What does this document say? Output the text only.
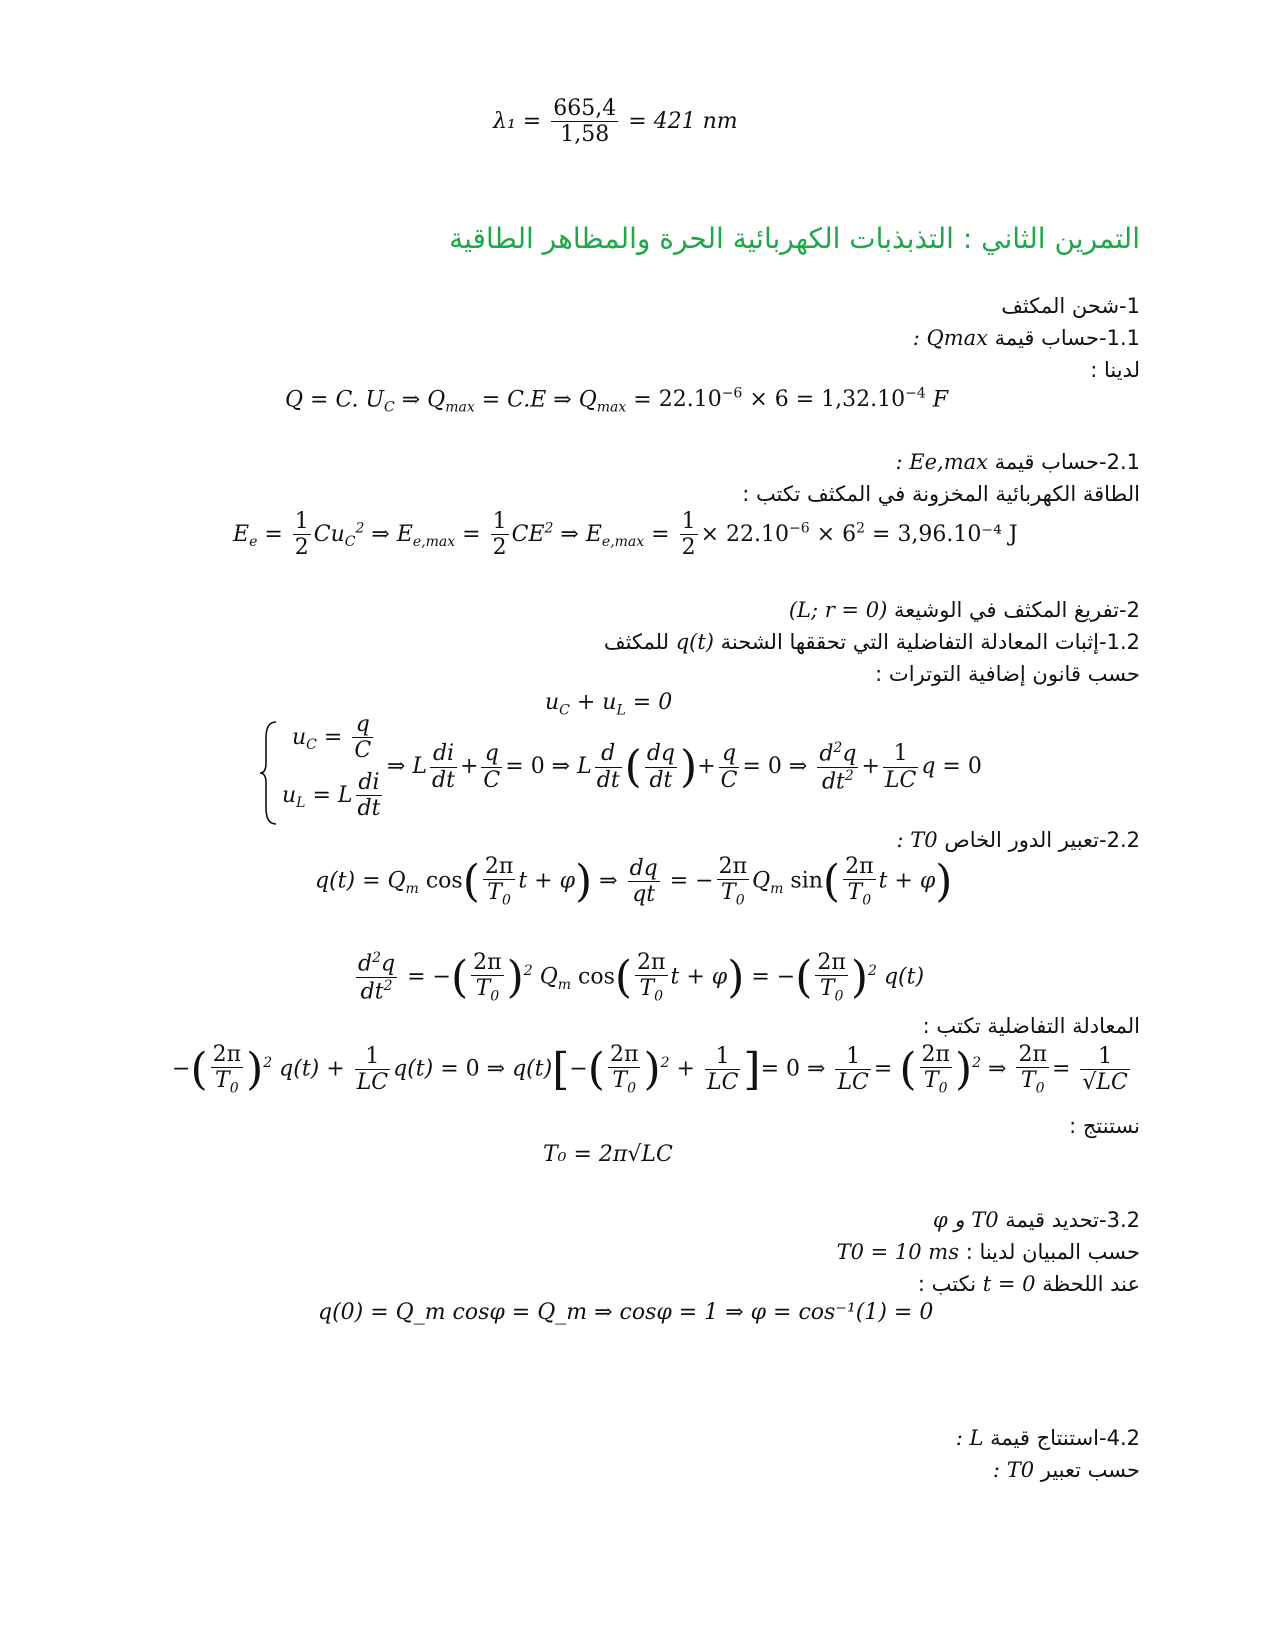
$\lambda_1 = \frac{665,4}{1,58} = 421$ nm
التمرين الثاني : التذبذبات الكهربائية الحرة والمظاهر الطاقية
1-شحن المكثف
1.1-حساب قيمة Qmax :
لدينا :
Q = C. $U_C$ ⇒ $Q_{max} = C.E$ ⇒ $Q_{max} = 22.10^{-6} \times 6 = 1,32.10^{-4}$ F
2.1-حساب قيمة Ee,max :
الطاقة الكهربائية المخزونة في المكثف تكتب :
$E_e = \frac{1}{2} Cu_C^2$ ⇒ $E_{e,max} = \frac{1}{2} CE^2$ ⇒ $E_{e,max} = \frac{1}{2} \times 22.10^{-6} \times 6^2 = 3,96.10^{-4}$ J
2-تفريغ المكثف في الوشيعة (L; r = 0)
1.2-إثبات المعادلة التفاضلية التي تحققها الشحنة q(t) للمكثف
حسب قانون إضافية التوترات :
$u_C + u_L = 0$
$u_C = \frac{q}{C}$
$u_L = L \frac{di}{dt}$
⇒ L $\frac{di}{dt} + \frac{q}{C} = 0$ ⇒ L $\frac{d}{dt}$ ( $\frac{dq}{dt}$ )+ $\frac{q}{C} = 0$ ⇒ $\frac{d^2q}{dt^2} + \frac{1}{LC}$ q = 0
2.2-تعبير الدور الخاص T0 :
$q(t) = Q_m$ $\cos( \frac{2\pi}{T_0}$ t + φ) ⇒ $\frac{dq}{qt}$ = − $\frac{2\pi}{T_0} Q_m$ $\sin( \frac{2\pi}{T_0}$ t + φ)
$\frac{d^2q}{dt^2}$ = −( $\frac{2\pi}{T_0} )^2$ $Q_m$ $\cos( \frac{2\pi}{T_0}$ t + φ) = −( $\frac{2\pi}{T_0} )^2$ q(t)
المعادلة التفاضلية تكتب :
−( $\frac{2\pi}{T_0} )^2$ $q(t) + \frac{1}{LC} q(t) = 0$ ⇒ $q(t)[-( \frac{2\pi}{T_0} )^2 + \frac{1}{LC}$ ]= 0 ⇒ $\frac{1}{LC}$ = ( $\frac{2\pi}{T_0} )^2$ ⇒ $\frac{2\pi}{T_0} = \frac{1}{√LC}$
نستنتج :
T₀ = 2π√LC
3.2-تحديد قيمة T0 و φ
حسب المبيان لدينا : T0 = 10 ms
عند اللحظة t = 0 نكتب :
q(0) = Q_m cosφ = Q_m ⇒ cosφ = 1 ⇒ φ = cos⁻¹(1) = 0
4.2-استنتاج قيمة L :
حسب تعبير T0 :
